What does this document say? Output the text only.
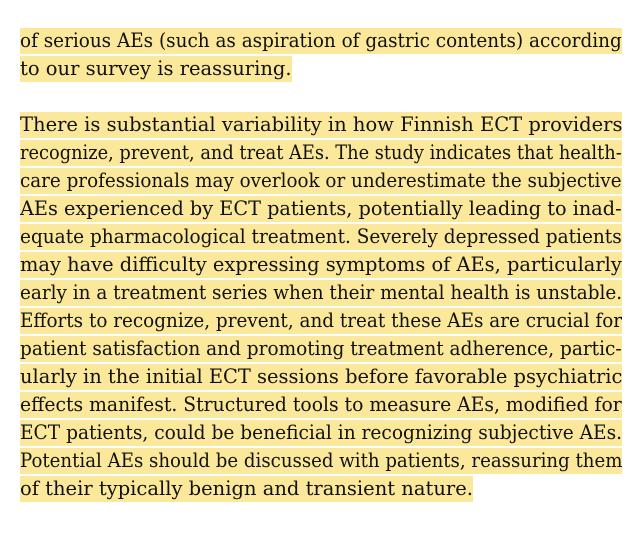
of serious AEs (such as aspiration of gastric contents) according
to our survey is reassuring.
There is substantial variability in how Finnish ECT providers
recognize, prevent, and treat AEs. The study indicates that health-
care professionals may overlook or underestimate the subjective
AEs experienced by ECT patients, potentially leading to inad-
equate pharmacological treatment. Severely depressed patients
may have difficulty expressing symptoms of AEs, particularly
early in a treatment series when their mental health is unstable.
Efforts to recognize, prevent, and treat these AEs are crucial for
patient satisfaction and promoting treatment adherence, partic-
ularly in the initial ECT sessions before favorable psychiatric
effects manifest. Structured tools to measure AEs, modified for
ECT patients, could be beneficial in recognizing subjective AEs.
Potential AEs should be discussed with patients, reassuring them
of their typically benign and transient nature.
